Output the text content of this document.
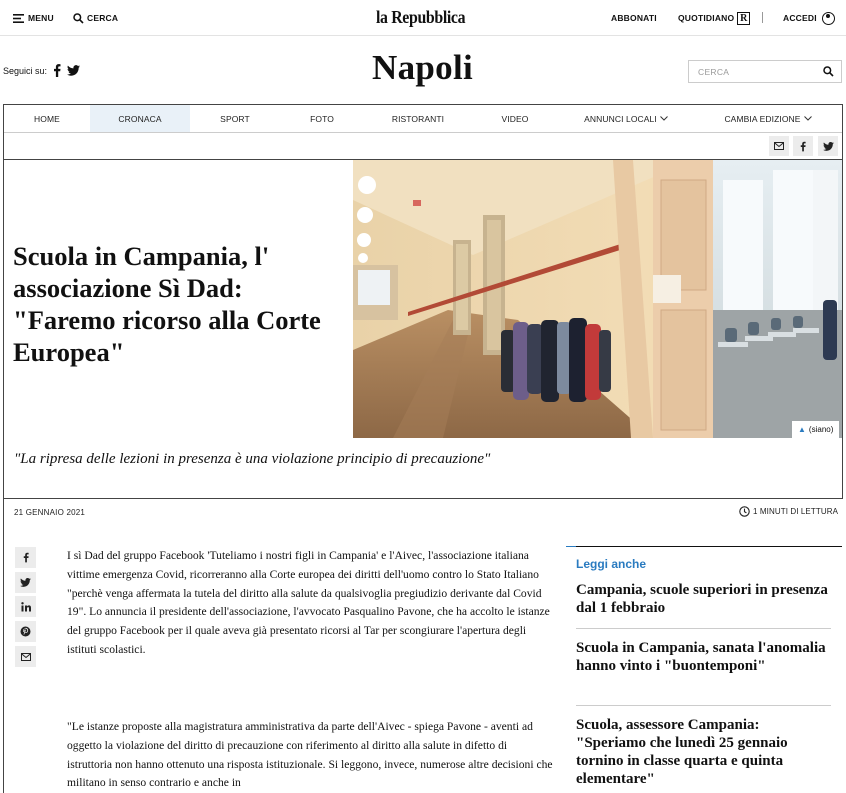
MENU	CERCA	la Repubblica	ABBONATI QUOTIDIANO R	ACCEDI
Seguici su:	Napoli
CERCA
HOME	CRONACA	SPORT	FOTO	RISTORANTI	VIDEO	ANNUNCI LOCALI	CAMBIA EDIZIONE
Scuola in Campania, l' associazione Sì Dad: "Faremo ricorso alla Corte Europea"
▲ (siano)

"La ripresa delle lezioni in presenza è una violazione principio di precauzione"

21 GENNAIO 2021	1 MINUTI DI LETTURA

I sì Dad del gruppo Facebook 'Tuteliamo i nostri figli in Campania' e l'Aivec, l'associazione italiana vittime emergenza Covid, ricorreranno alla Corte europea dei diritti dell'uomo contro lo Stato Italiano "perchè venga affermata la tutela del diritto alla salute da qualsivoglia pregiudizio derivante dal Covid 19". Lo annuncia il presidente dell'associazione, l'avvocato Pasqualino Pavone, che ha accolto le istanze del gruppo Facebook per il quale aveva già presentato ricorsi al Tar per scongiurare l'apertura degli istituti scolastici.

"Le istanze proposte alla magistratura amministrativa da parte dell'Aivec - spiega Pavone - aventi ad oggetto la violazione del diritto di precauzione con riferimento al diritto alla salute in difetto di istruttoria non hanno ottenuto una risposta istituzionale. Si leggono, invece, numerose altre decisioni che militano in senso contrario e anche in

Leggi anche
Campania, scuole superiori in presenza dal 1 febbraio
Scuola in Campania, sanata l'anomalia hanno vinto i "buontemponi"
Scuola, assessore Campania: "Speriamo che lunedì 25 gennaio tornino in classe quarta e quinta elementare"
